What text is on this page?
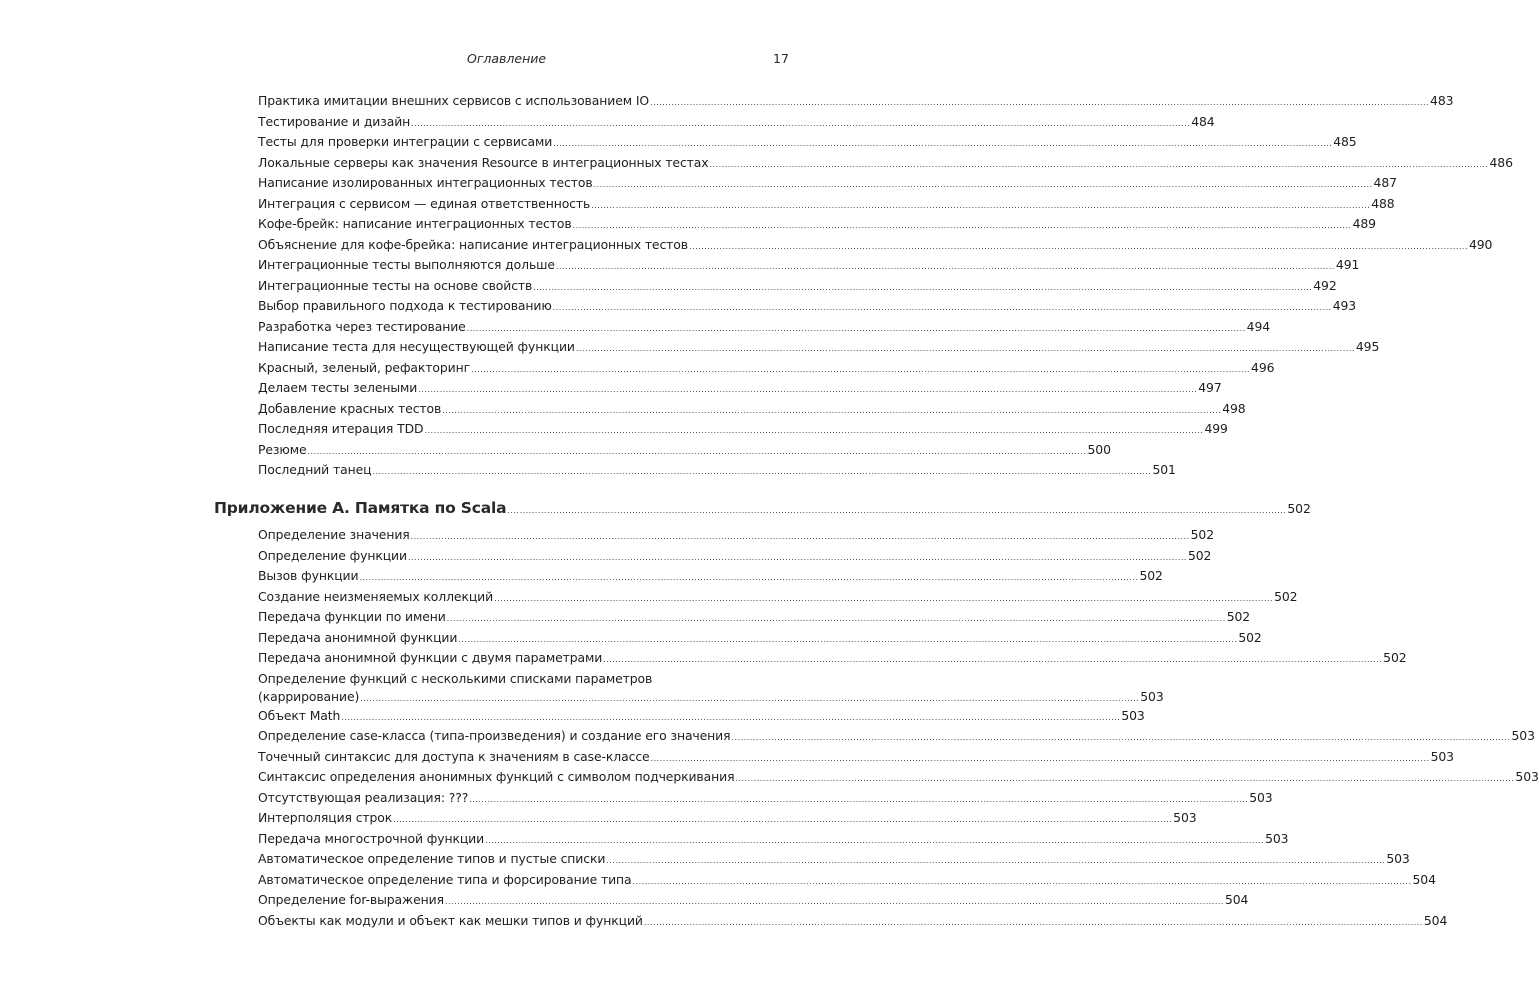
Оглавление	17
Практика имитации внешних сервисов с использованием IO .....	483
Тестирование и дизайн .....	484
Тесты для проверки интеграции с сервисами .....	485
Локальные серверы как значения Resource в интеграционных тестах .....	486
Написание изолированных интеграционных тестов .....	487
Интеграция с сервисом — единая ответственность .....	488
Кофе-брейк: написание интеграционных тестов .....	489
Объяснение для кофе-брейка: написание интеграционных тестов .....	490
Интеграционные тесты выполняются дольше .....	491
Интеграционные тесты на основе свойств .....	492
Выбор правильного подхода к тестированию .....	493
Разработка через тестирование .....	494
Написание теста для несуществующей функции .....	495
Красный, зеленый, рефакторинг .....	496
Делаем тесты зелеными .....	497
Добавление красных тестов .....	498
Последняя итерация TDD .....	499
Резюме .....	500
Последний танец .....	501
Приложение А. Памятка по Scala .....	502
Определение значения .....	502
Определение функции .....	502
Вызов функции .....	502
Создание неизменяемых коллекций .....	502
Передача функции по имени .....	502
Передача анонимной функции .....	502
Передача анонимной функции с двумя параметрами .....	502
Определение функций с несколькими списками параметров
(каррирование) .....	503
Объект Math .....	503
Определение case-класса (типа-произведения) и создание его значения .....	503
Точечный синтаксис для доступа к значениям в case-классе .....	503
Синтаксис определения анонимных функций с символом подчеркивания .....	503
Отсутствующая реализация: ??? .....	503
Интерполяция строк .....	503
Передача многострочной функции .....	503
Автоматическое определение типов и пустые списки .....	503
Автоматическое определение типа и форсирование типа .....	504
Определение for-выражения .....	504
Объекты как модули и объект как мешки типов и функций .....	504
